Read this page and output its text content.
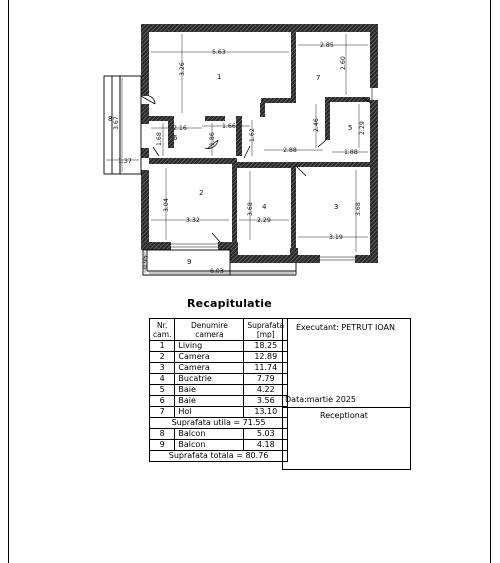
5.63
3.26
2.85
2.60
3.67
1.37
2.16	1.66
1.68	1.86	1.62
2.88
2.46	2.29
1.88
3.04
3.32
3.68
2.29
3.68
3.19
0.95
6.03
1
2
3
4
5
6
7
8
9
Recapitulatie
Nr. cam.	Denumire camera	Suprafata [mp]
1	Living	18.25
2	Camera	12.89
3	Camera	11.74
4	Bucatrie	7.79
5	Baie	4.22
6	Baie	3.56
7	Hol	13.10
Suprafata utila = 71.55		
8	Balcon	5.03
9	Balcon	4.18
Suprafata totala = 80.76		
Executant: PETRUT IOAN
Data:martie 2025
Receptionat
